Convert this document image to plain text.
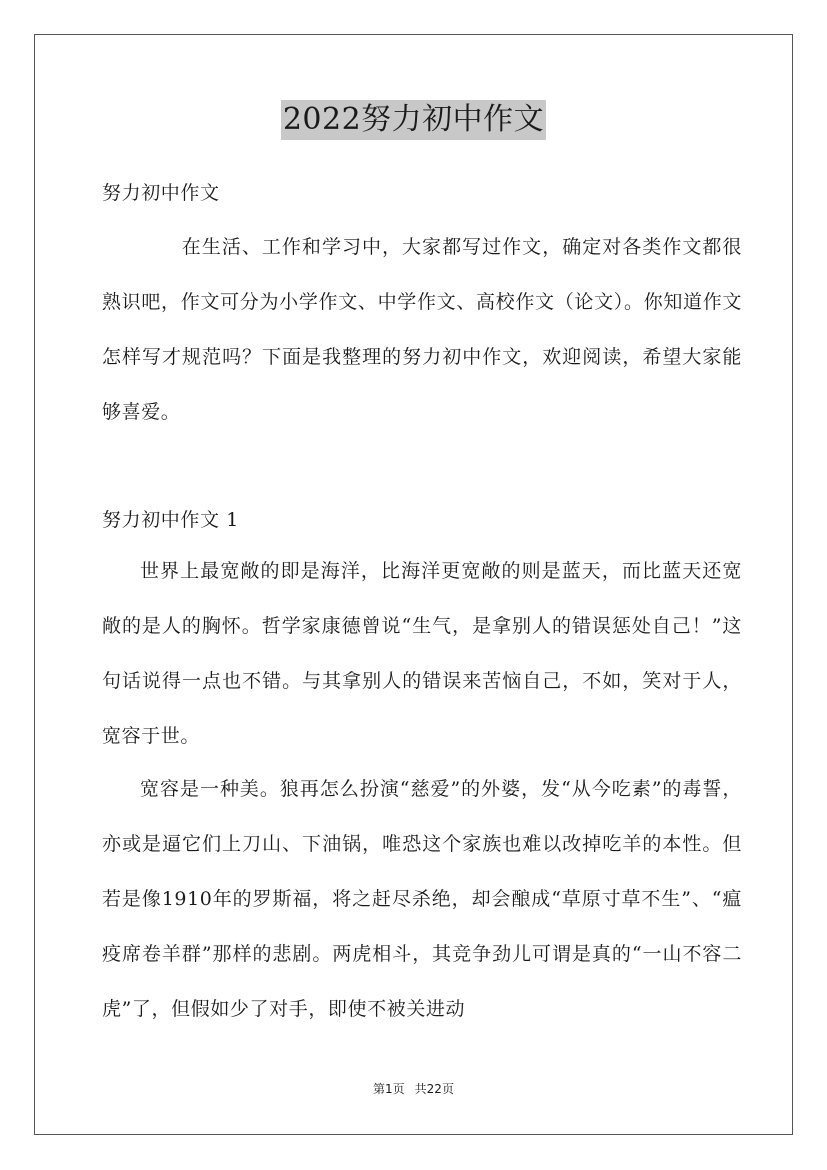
2022努力初中作文

努力初中作文

在生活、工作和学习中，大家都写过作文，确定对各类作文都很熟识吧，作文可分为小学作文、中学作文、高校作文（论文）。你知道作文怎样写才规范吗？下面是我整理的努力初中作文，欢迎阅读，希望大家能够喜爱。

努力初中作文 1

世界上最宽敞的即是海洋，比海洋更宽敞的则是蓝天，而比蓝天还宽敞的是人的胸怀。哲学家康德曾说“生气，是拿别人的错误惩处自己！”这句话说得一点也不错。与其拿别人的错误来苦恼自己，不如，笑对于人，宽容于世。

宽容是一种美。狼再怎么扮演“慈爱”的外婆，发“从今吃素”的毒誓，亦或是逼它们上刀山、下油锅，唯恐这个家族也难以改掉吃羊的本性。但若是像1910年的罗斯福，将之赶尽杀绝，却会酿成“草原寸草不生”、“瘟疫席卷羊群”那样的悲剧。两虎相斗，其竞争劲儿可谓是真的“一山不容二虎”了，但假如少了对手，即使不被关进动

第1页 共22页
